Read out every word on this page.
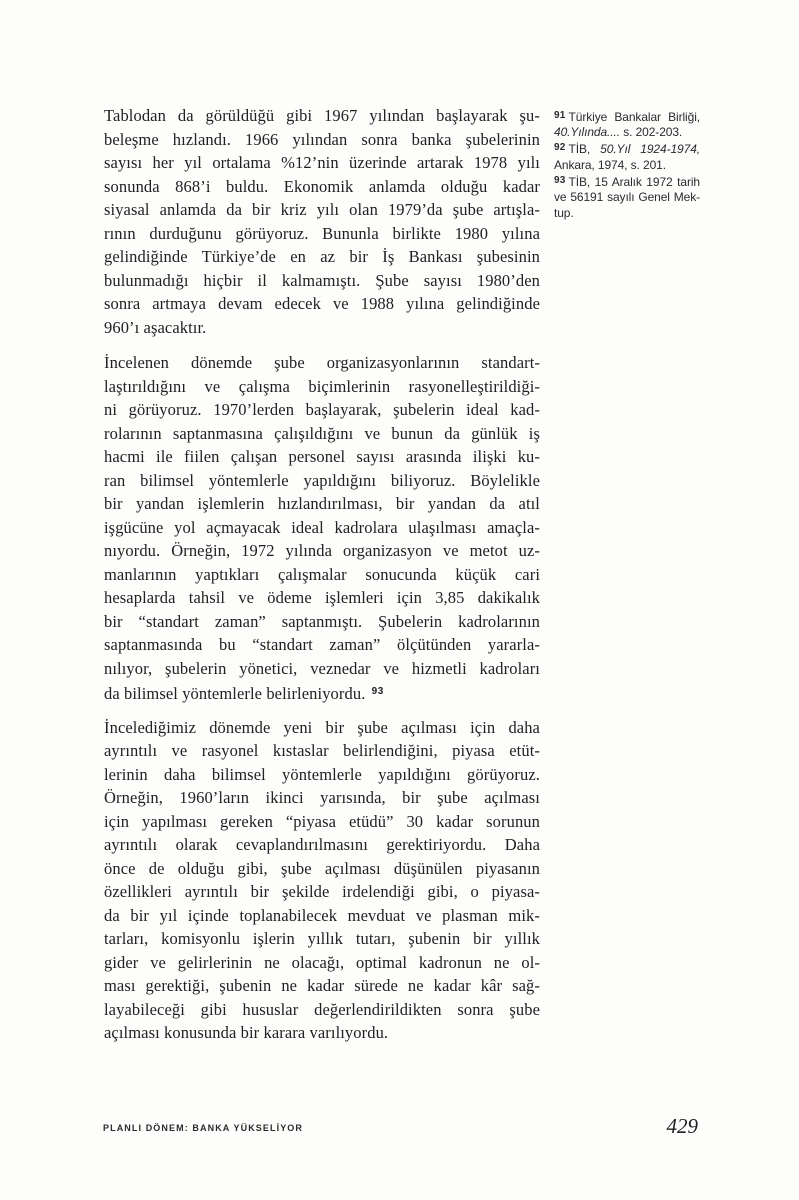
Tablodan da görüldüğü gibi 1967 yılından başlayarak şu-
beleşme hızlandı. 1966 yılından sonra banka şubelerinin
sayısı her yıl ortalama %12’nin üzerinde artarak 1978 yılı
sonunda 868’i buldu. Ekonomik anlamda olduğu kadar
siyasal anlamda da bir kriz yılı olan 1979’da şube artışla-
rının durduğunu görüyoruz. Bununla birlikte 1980 yılına
gelindiğinde Türkiye’de en az bir İş Bankası şubesinin
bulunmadığı hiçbir il kalmamıştı. Şube sayısı 1980’den
sonra artmaya devam edecek ve 1988 yılına gelindiğinde
960’ı aşacaktır.
İncelenen dönemde şube organizasyonlarının standart-
laştırıldığını ve çalışma biçimlerinin rasyonelleştirildiği-
ni görüyoruz. 1970’lerden başlayarak, şubelerin ideal kad-
rolarının saptanmasına çalışıldığını ve bunun da günlük iş
hacmi ile fiilen çalışan personel sayısı arasında ilişki ku-
ran bilimsel yöntemlerle yapıldığını biliyoruz. Böylelikle
bir yandan işlemlerin hızlandırılması, bir yandan da atıl
işgücüne yol açmayacak ideal kadrolara ulaşılması amaçla-
nıyordu. Örneğin, 1972 yılında organizasyon ve metot uz-
manlarının yaptıkları çalışmalar sonucunda küçük cari
hesaplarda tahsil ve ödeme işlemleri için 3,85 dakikalık
bir “standart zaman” saptanmıştı. Şubelerin kadrolarının
saptanmasında bu “standart zaman” ölçütünden yararla-
nılıyor, şubelerin yönetici, veznedar ve hizmetli kadroları
da bilimsel yöntemlerle belirleniyordu. $^{93}$
İncelediğimiz dönemde yeni bir şube açılması için daha
ayrıntılı ve rasyonel kıstaslar belirlendiğini, piyasa etüt-
lerinin daha bilimsel yöntemlerle yapıldığını görüyoruz.
Örneğin, 1960’ların ikinci yarısında, bir şube açılması
için yapılması gereken “piyasa etüdü” 30 kadar sorunun
ayrıntılı olarak cevaplandırılmasını gerektiriyordu. Daha
önce de olduğu gibi, şube açılması düşünülen piyasanın
özellikleri ayrıntılı bir şekilde irdelendiği gibi, o piyasa-
da bir yıl içinde toplanabilecek mevduat ve plasman mik-
tarları, komisyonlu işlerin yıllık tutarı, şubenin bir yıllık
gider ve gelirlerinin ne olacağı, optimal kadronun ne ol-
ması gerektiği, şubenin ne kadar sürede ne kadar kâr sağ-
layabileceği gibi hususlar değerlendirildikten sonra şube
açılması konusunda bir karara varılıyordu.
$^{91}$ Türkiye Bankalar Birliği,
40.Yılında.... s. 202-203.
$^{92}$ TİB, 50.Yıl 1924-1974,
Ankara, 1974, s. 201.
$^{93}$ TİB, 15 Aralık 1972 tarih
ve 56191 sayılı Genel Mek-
tup.
PLANLI DÖNEM: BANKA YÜKSELİYOR	429
